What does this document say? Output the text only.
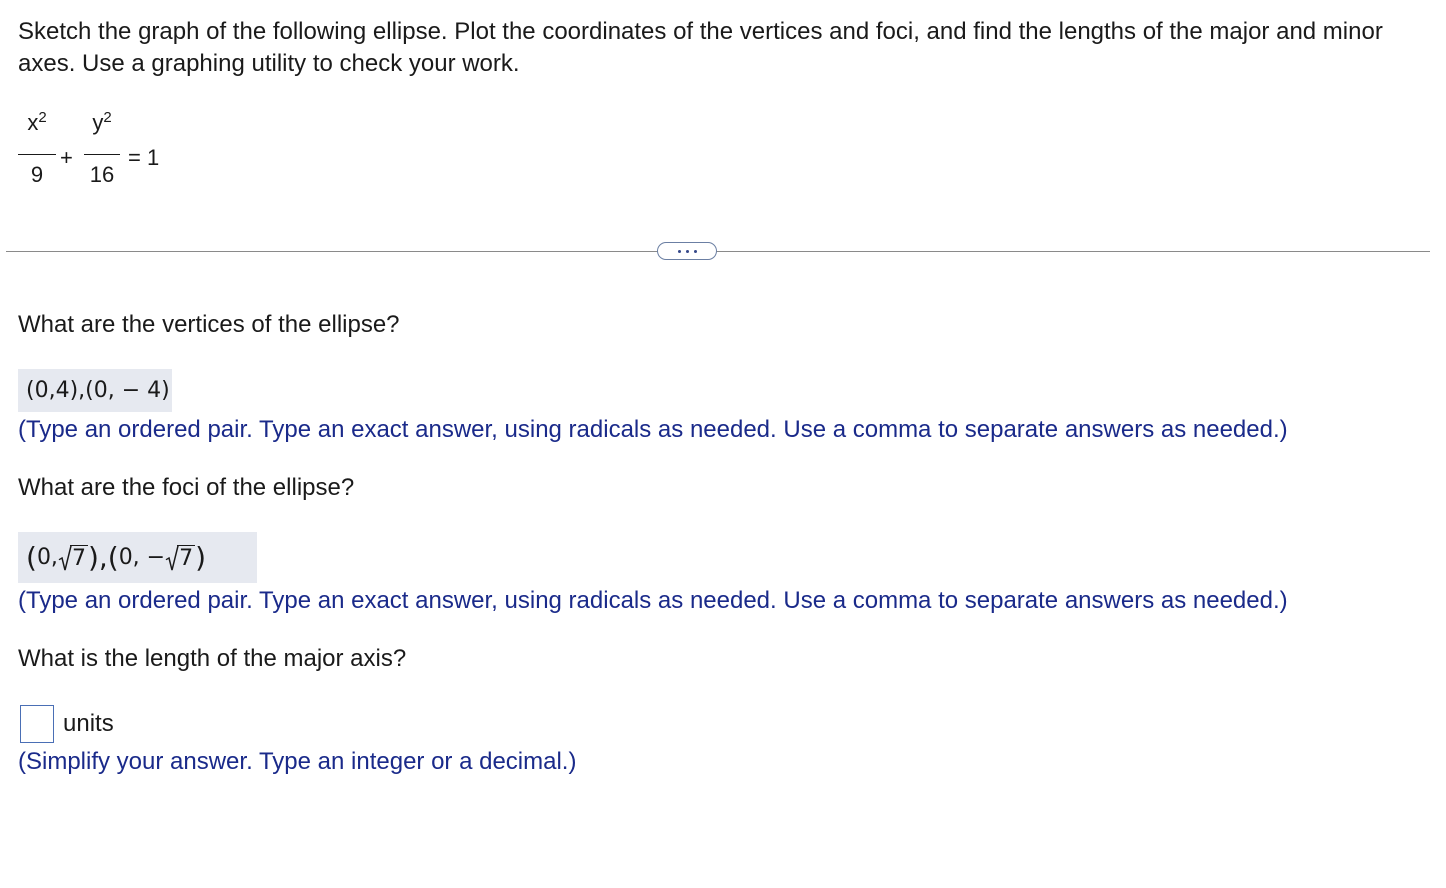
Sketch the graph of the following ellipse. Plot the coordinates of the vertices and foci, and find the lengths of the major and minor axes. Use a graphing utility to check your work.
$x^2$
9
+
$y^2$
16
= 1
What are the vertices of the ellipse?
(0,4),(0, − 4)
(Type an ordered pair. Type an exact answer, using radicals as needed. Use a comma to separate answers as needed.)
What are the foci of the ellipse?
( 0, 7 ),( 0, − 7 )
(Type an ordered pair. Type an exact answer, using radicals as needed. Use a comma to separate answers as needed.)
What is the length of the major axis?
units
(Simplify your answer. Type an integer or a decimal.)
